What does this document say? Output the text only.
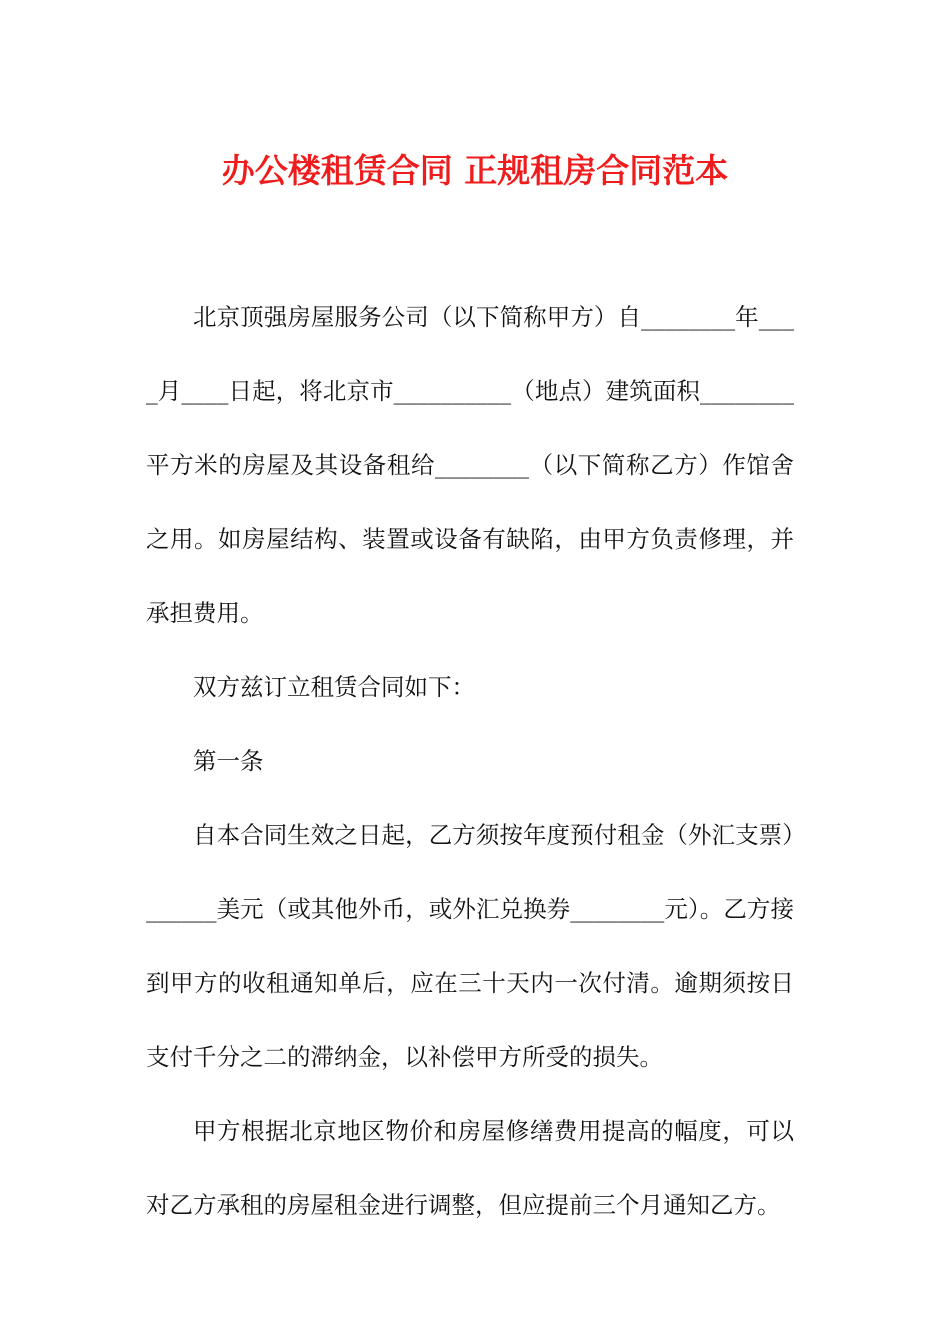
办公楼租赁合同 正规租房合同范本

北京顶强房屋服务公司（以下简称甲方）自________年____月____日起，将北京市__________（地点）建筑面积________平方米的房屋及其设备租给________（以下简称乙方）作馆舍之用。如房屋结构、装置或设备有缺陷，由甲方负责修理，并承担费用。

双方兹订立租赁合同如下：

第一条

自本合同生效之日起，乙方须按年度预付租金（外汇支票）______美元（或其他外币，或外汇兑换券________元）。乙方接到甲方的收租通知单后，应在三十天内一次付清。逾期须按日支付千分之二的滞纳金，以补偿甲方所受的损失。

甲方根据北京地区物价和房屋修缮费用提高的幅度，可以对乙方承租的房屋租金进行调整，但应提前三个月通知乙方。
